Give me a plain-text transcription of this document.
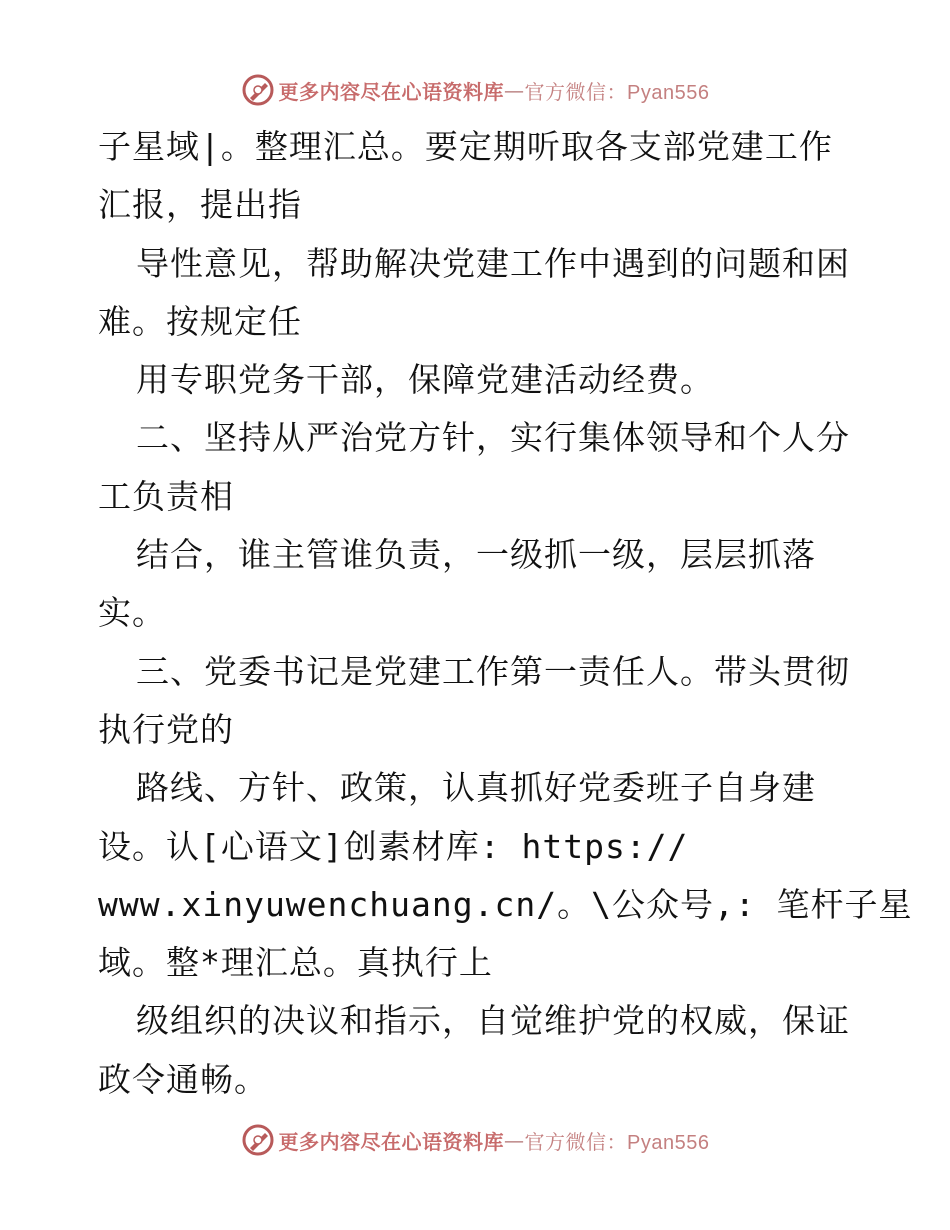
更多内容尽在心语资料库 — 官方微信：Pyan556
子星域|。整理汇总。要定期听取各支部党建工作
汇报，提出指
导性意见，帮助解决党建工作中遇到的问题和困
难。按规定任
用专职党务干部，保障党建活动经费。
二、坚持从严治党方针，实行集体领导和个人分
工负责相
结合，谁主管谁负责，一级抓一级，层层抓落
实。
三、党委书记是党建工作第一责任人。带头贯彻
执行党的
路线、方针、政策，认真抓好党委班子自身建
设。认[心语文]创素材库: https://
www.xinyuwenchuang.cn/。\公众号,: 笔杆子星
域。整*理汇总。真执行上
级组织的决议和指示，自觉维护党的权威，保证
政令通畅。
更多内容尽在心语资料库 — 官方微信：Pyan556
